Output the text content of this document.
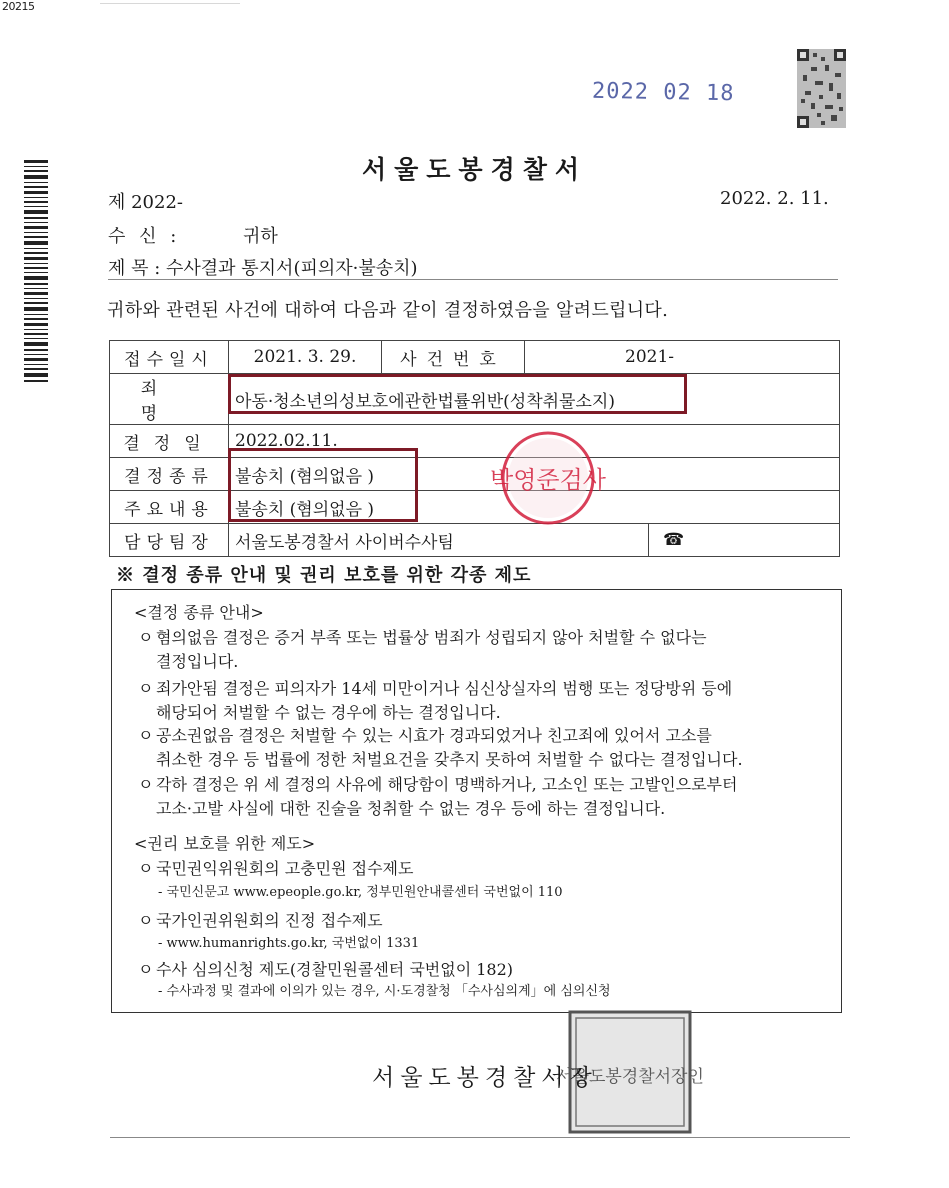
20215
2022 02 18
서울도봉경찰서
제 2022-	2022. 2. 11.
수 신 :	귀하
제 목 : 수사결과 통지서(피의자·불송치)
귀하와 관련된 사건에 대하여 다음과 같이 결정하였음을 알려드립니다.
접수일시	2021. 3. 29.	사건번호	2021-	
죄명	아동·청소년의성보호에관한법률위반(성착취물소지)			
결정일	2022.02.11.			
결정종류	불송치 (혐의없음 )			
주요내용	불송치 (혐의없음 )			
담당팀장	서울도봉경찰서 사이버수사팀			☎
박영준검사
※ 결정 종류 안내 및 권리 보호를 위한 각종 제도
<결정 종류 안내>
ㅇ 혐의없음 결정은 증거 부족 또는 법률상 범죄가 성립되지 않아 처벌할 수 없다는
결정입니다.
ㅇ 죄가안됨 결정은 피의자가 14세 미만이거나 심신상실자의 범행 또는 정당방위 등에
해당되어 처벌할 수 없는 경우에 하는 결정입니다.
ㅇ 공소권없음 결정은 처벌할 수 있는 시효가 경과되었거나 친고죄에 있어서 고소를
취소한 경우 등 법률에 정한 처벌요건을 갖추지 못하여 처벌할 수 없다는 결정입니다.
ㅇ 각하 결정은 위 세 결정의 사유에 해당함이 명백하거나, 고소인 또는 고발인으로부터
고소·고발 사실에 대한 진술을 청취할 수 없는 경우 등에 하는 결정입니다.
<권리 보호를 위한 제도>
ㅇ 국민권익위원회의 고충민원 접수제도
- 국민신문고 www.epeople.go.kr, 정부민원안내콜센터 국번없이 110
ㅇ 국가인권위원회의 진정 접수제도
- www.humanrights.go.kr, 국번없이 1331
ㅇ 수사 심의신청 제도(경찰민원콜센터 국번없이 182)
- 수사과정 및 결과에 이의가 있는 경우, 시·도경찰청 「수사심의계」에 심의신청
서울도봉경찰서장인
서울도봉경찰서장
